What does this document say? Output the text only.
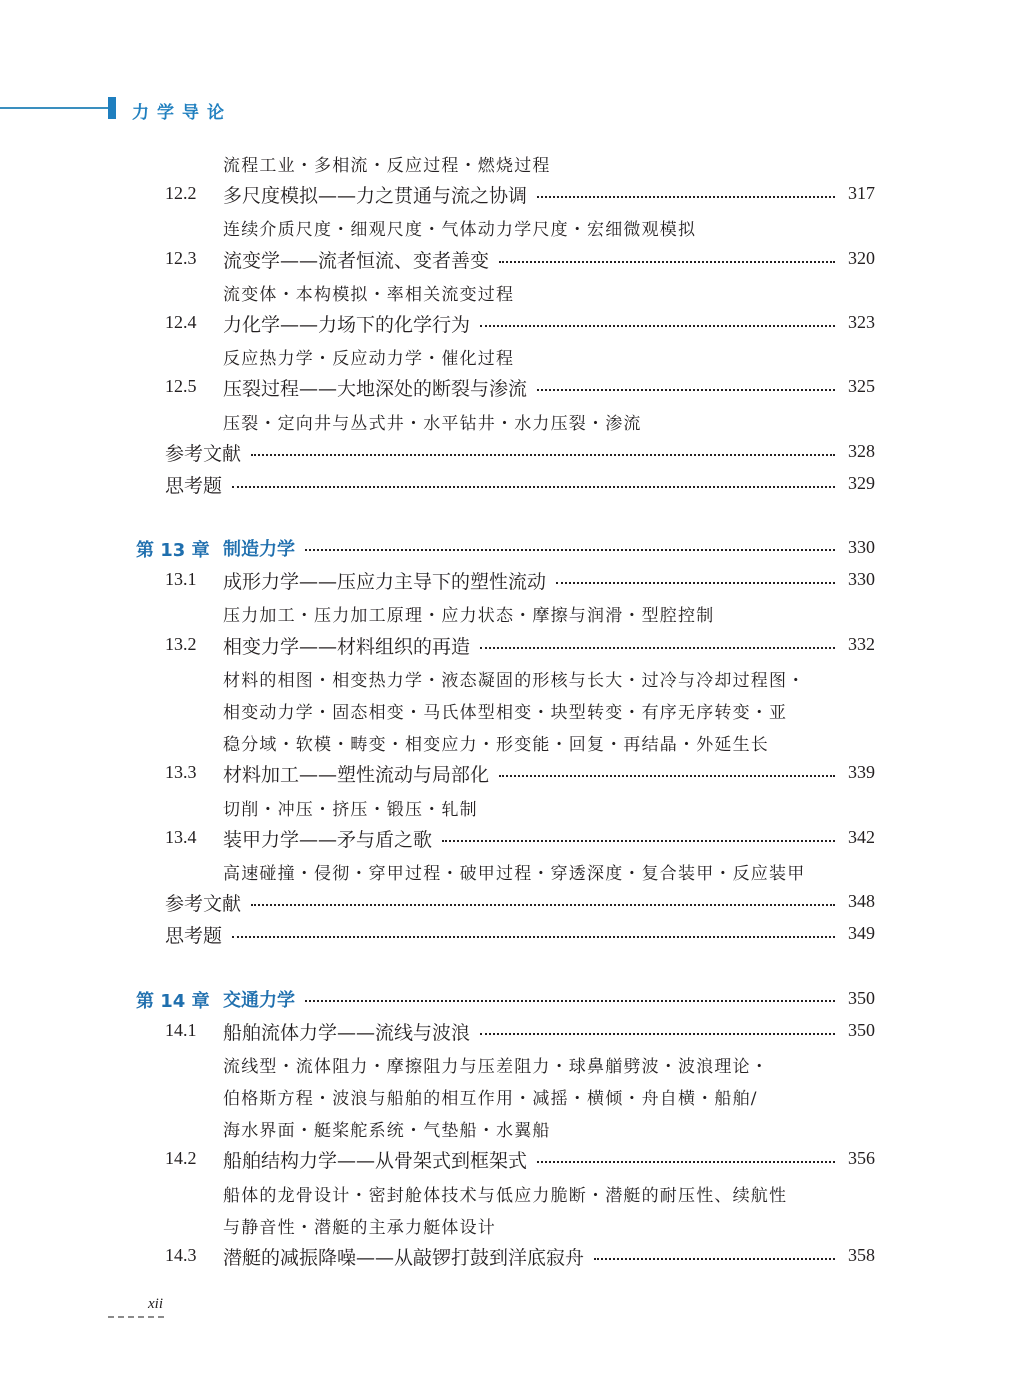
力学导论
流程工业・多相流・反应过程・燃烧过程
12.2 多尺度模拟——力之贯通与流之协调	317
连续介质尺度・细观尺度・气体动力学尺度・宏细微观模拟
12.3 流变学——流者恒流、变者善变	320
流变体・本构模拟・率相关流变过程
12.4 力化学——力场下的化学行为	323
反应热力学・反应动力学・催化过程
12.5 压裂过程——大地深处的断裂与渗流	325
压裂・定向井与丛式井・水平钻井・水力压裂・渗流
参考文献	328
思考题	329
第 13 章 制造力学	330
13.1 成形力学——压应力主导下的塑性流动	330
压力加工・压力加工原理・应力状态・摩擦与润滑・型腔控制
13.2 相变力学——材料组织的再造	332
材料的相图・相变热力学・液态凝固的形核与长大・过冷与冷却过程图・
相变动力学・固态相变・马氏体型相变・块型转变・有序无序转变・亚
稳分域・软模・畴变・相变应力・形变能・回复・再结晶・外延生长
13.3 材料加工——塑性流动与局部化	339
切削・冲压・挤压・锻压・轧制
13.4 装甲力学——矛与盾之歌	342
高速碰撞・侵彻・穿甲过程・破甲过程・穿透深度・复合装甲・反应装甲
参考文献	348
思考题	349
第 14 章 交通力学	350
14.1 船舶流体力学——流线与波浪	350
流线型・流体阻力・摩擦阻力与压差阻力・球鼻艏劈波・波浪理论・
伯格斯方程・波浪与船舶的相互作用・减摇・横倾・舟自横・船舶/
海水界面・艇桨舵系统・气垫船・水翼船
14.2 船舶结构力学——从骨架式到框架式	356
船体的龙骨设计・密封舱体技术与低应力脆断・潜艇的耐压性、续航性
与静音性・潜艇的主承力艇体设计
14.3 潜艇的减振降噪——从敲锣打鼓到洋底寂舟	358
xii
